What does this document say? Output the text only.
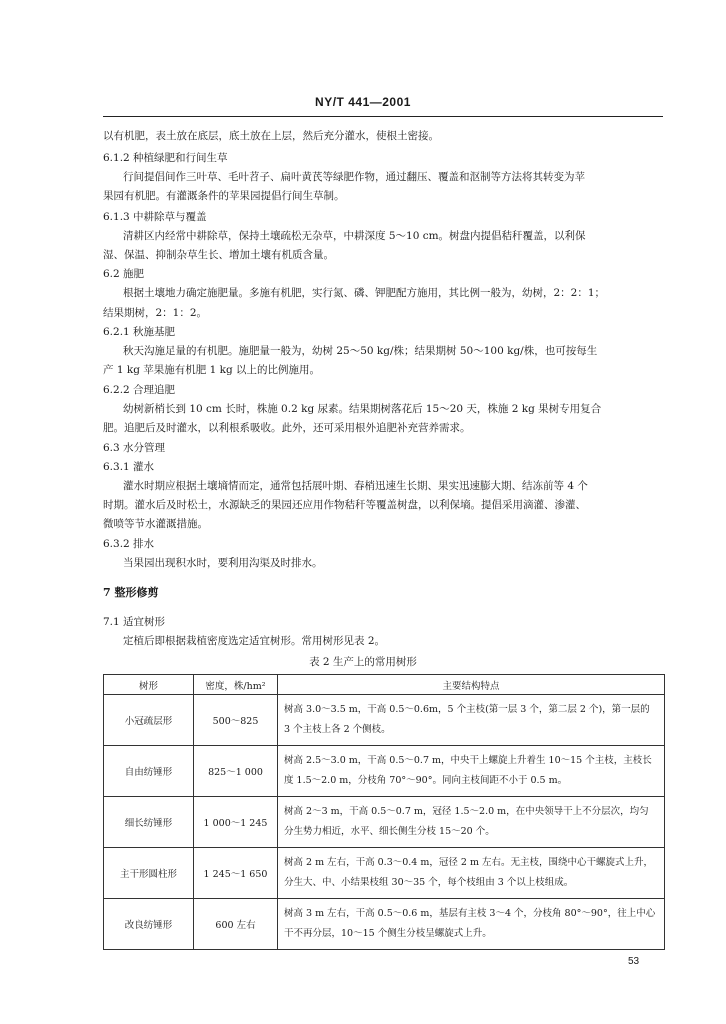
NY/T 441—2001
以有机肥，表土放在底层，底土放在上层，然后充分灌水，使根土密接。
6.1.2 种植绿肥和行间生草
行间提倡间作三叶草、毛叶苕子、扁叶黄芪等绿肥作物，通过翻压、覆盖和沤制等方法将其转变为苹
果园有机肥。有灌溉条件的苹果园提倡行间生草制。
6.1.3 中耕除草与覆盖
清耕区内经常中耕除草，保持土壤疏松无杂草，中耕深度 5～10 cm。树盘内提倡秸秆覆盖，以利保
湿、保温、抑制杂草生长、增加土壤有机质含量。
6.2 施肥
根据土壤地力确定施肥量。多施有机肥，实行氮、磷、钾肥配方施用，其比例一般为，幼树，2：2：1；
结果期树，2：1：2。
6.2.1 秋施基肥
秋天沟施足量的有机肥。施肥量一般为，幼树 25～50 kg/株；结果期树 50～100 kg/株，也可按每生
产 1 kg 苹果施有机肥 1 kg 以上的比例施用。
6.2.2 合理追肥
幼树新梢长到 10 cm 长时，株施 0.2 kg 尿素。结果期树落花后 15～20 天，株施 2 kg 果树专用复合
肥。追肥后及时灌水，以利根系吸收。此外，还可采用根外追肥补充营养需求。
6.3 水分管理
6.3.1 灌水
灌水时期应根据土壤墒情而定，通常包括展叶期、春梢迅速生长期、果实迅速膨大期、结冻前等 4 个
时期。灌水后及时松土，水源缺乏的果园还应用作物秸秆等覆盖树盘，以利保墒。提倡采用滴灌、渗灌、
微喷等节水灌溉措施。
6.3.2 排水
当果园出现积水时，要利用沟渠及时排水。
7 整形修剪
7.1 适宜树形
定植后即根据栽植密度选定适宜树形。常用树形见表 2。
表 2 生产上的常用树形
树形	密度，株/hm²	主要结构特点
小冠疏层形	500～825	树高 3.0～3.5 m，干高 0.5～0.6m，5 个主枝(第一层 3 个，第二层 2 个)，第一层的 3 个主枝上各 2 个侧枝。
自由纺锤形	825～1 000	树高 2.5～3.0 m，干高 0.5～0.7 m，中央干上螺旋上升着生 10～15 个主枝，主枝长度 1.5～2.0 m，分枝角 70°～90°。同向主枝间距不小于 0.5 m。
细长纺锤形	1 000～1 245	树高 2～3 m，干高 0.5～0.7 m，冠径 1.5～2.0 m，在中央领导干上不分层次，均匀分生势力相近，水平、细长侧生分枝 15～20 个。
主干形圆柱形	1 245～1 650	树高 2 m 左右，干高 0.3～0.4 m，冠径 2 m 左右。无主枝，围绕中心干螺旋式上升，分生大、中、小结果枝组 30～35 个，每个枝组由 3 个以上枝组成。
改良纺锤形	600 左右	树高 3 m 左右，干高 0.5～0.6 m，基层有主枝 3～4 个，分枝角 80°～90°，往上中心干不再分层，10～15 个侧生分枝呈螺旋式上升。
53
